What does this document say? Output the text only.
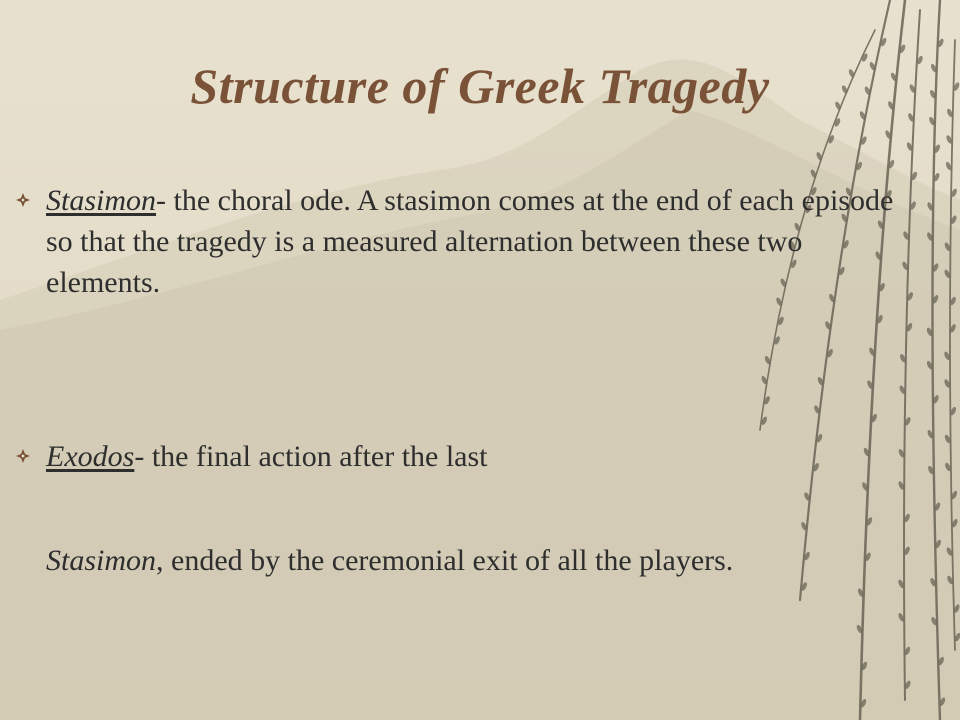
Structure of Greek Tragedy
Stasimon- the choral ode. A stasimon comes at the end of each episode so that the tragedy is a measured alternation between these two elements.
Exodos- the final action after the last
Stasimon, ended by the ceremonial exit of all the players.
